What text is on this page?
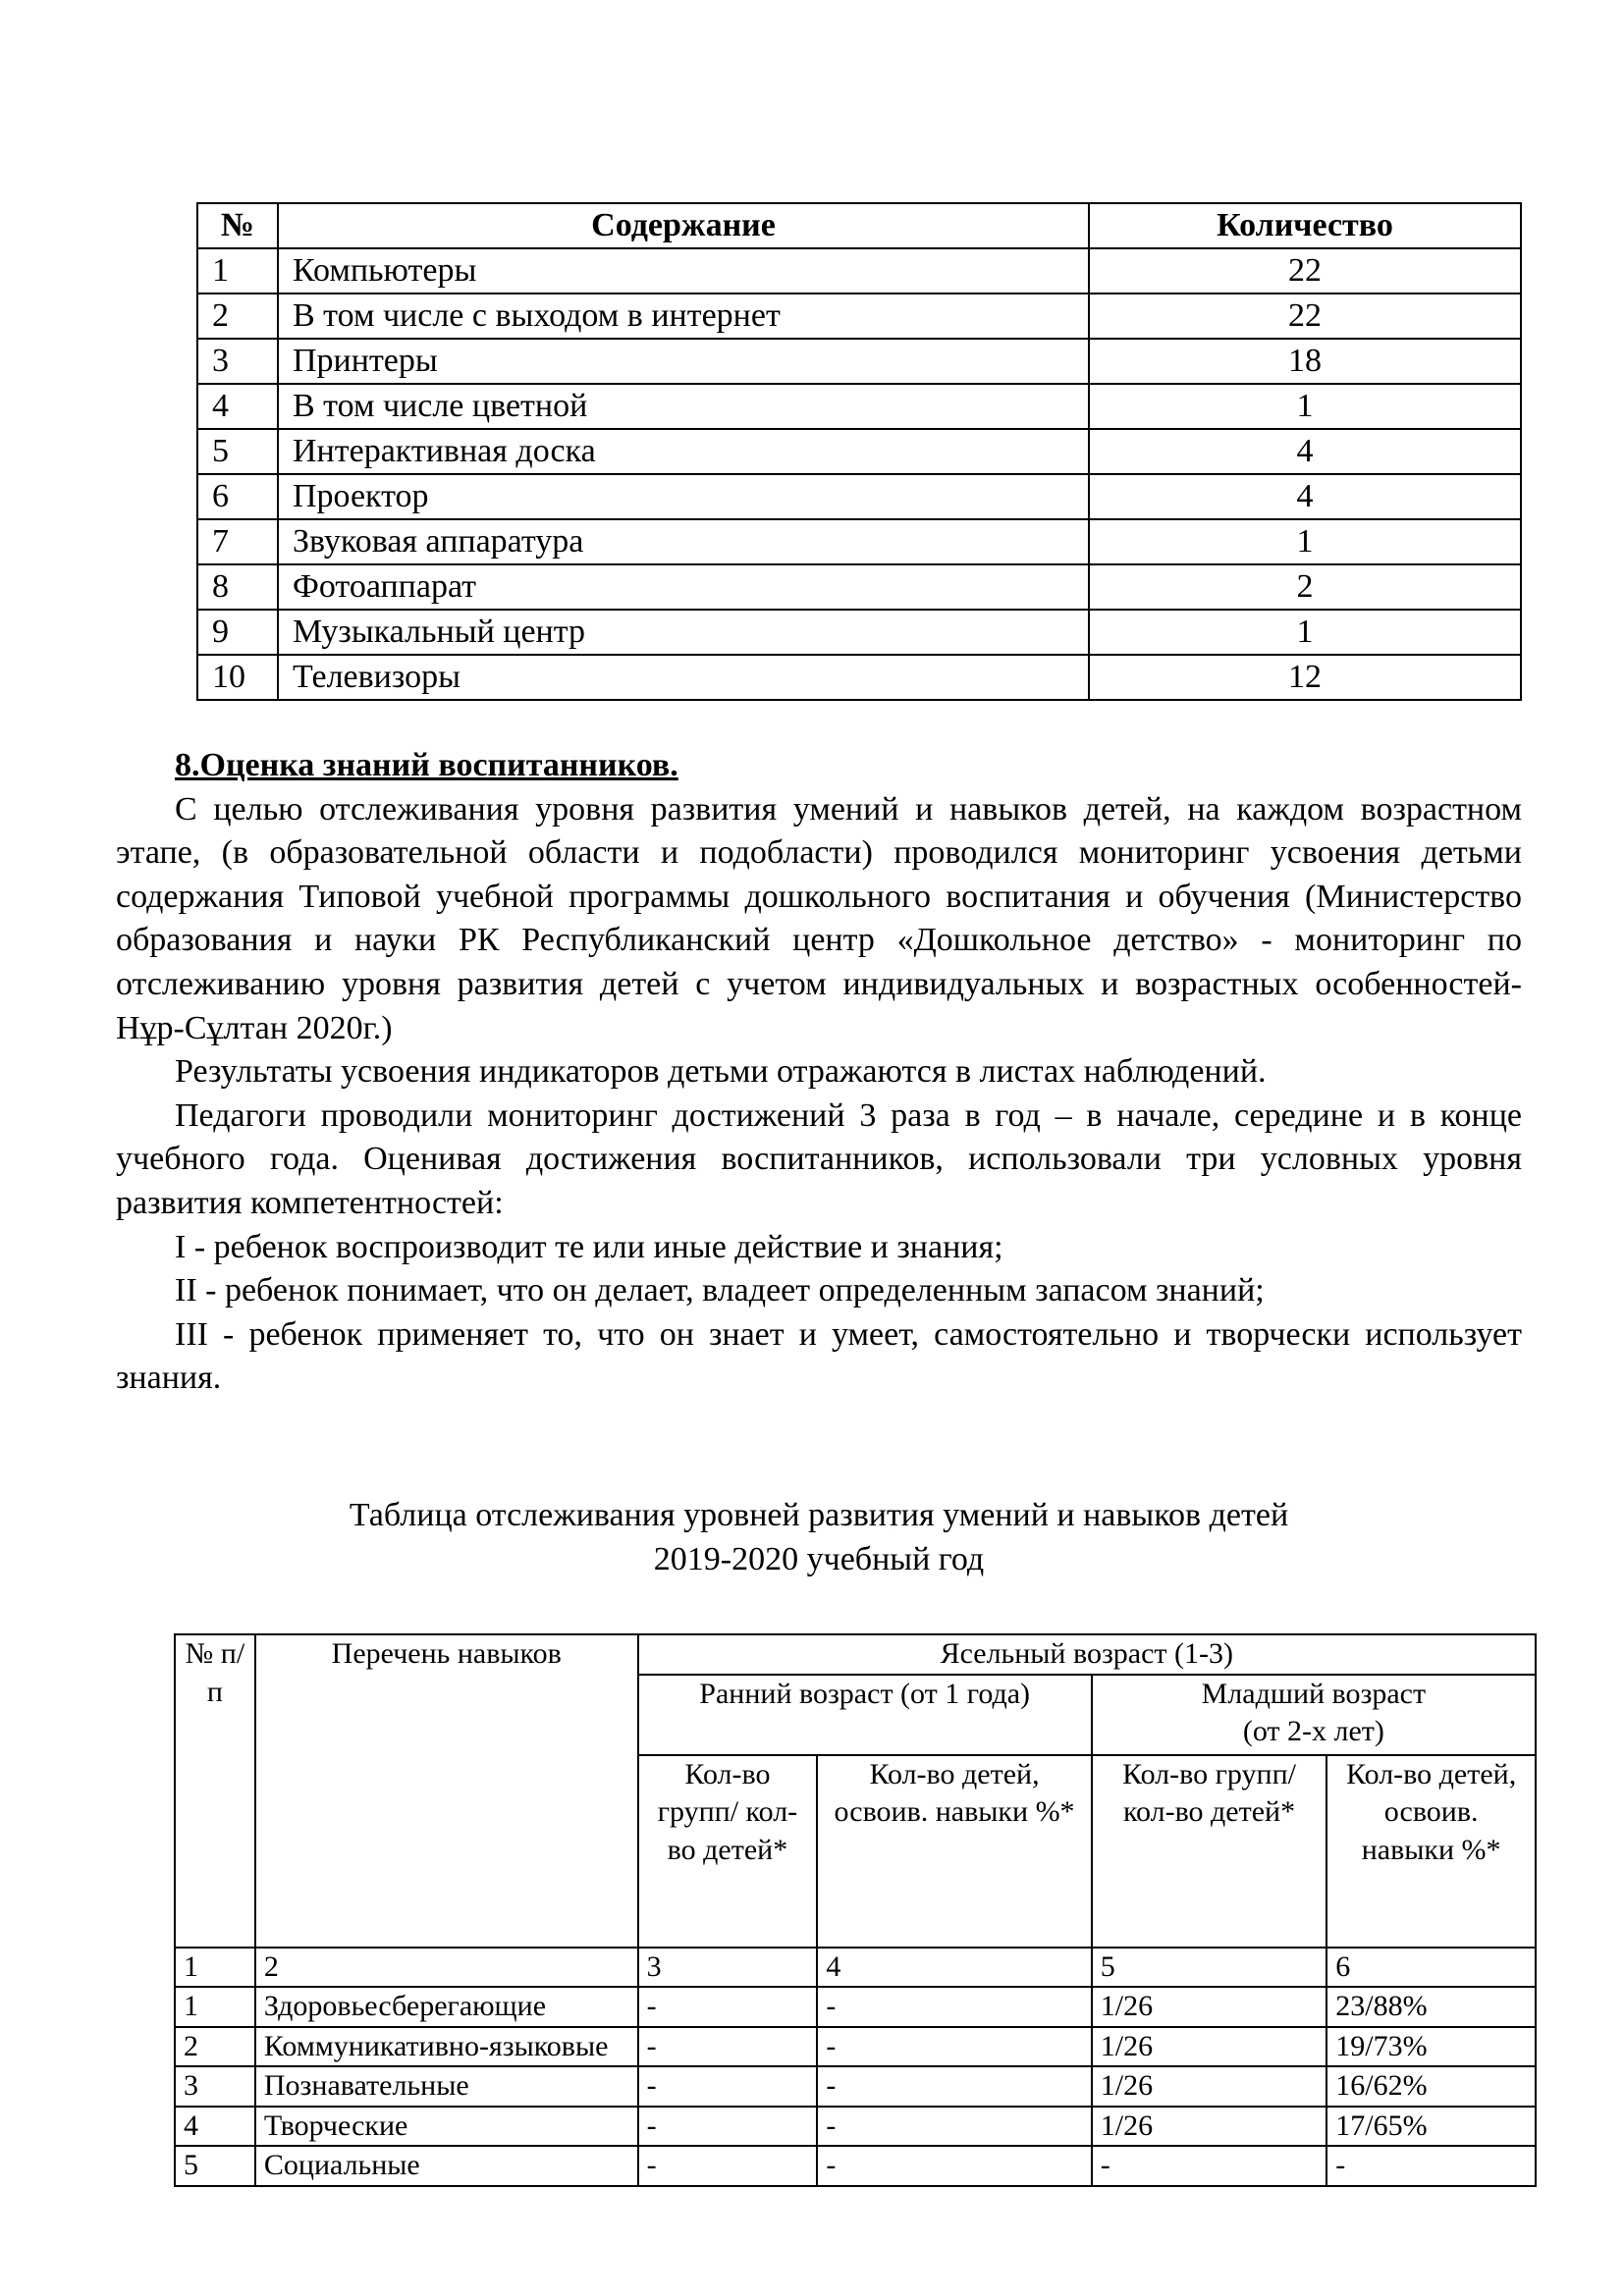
№	Содержание	Количество
1	Компьютеры	22
2	В том числе с выходом в интернет	22
3	Принтеры	18
4	В том числе цветной	1
5	Интерактивная доска	4
6	Проектор	4
7	Звуковая аппаратура	1
8	Фотоаппарат	2
9	Музыкальный центр	1
10	Телевизоры	12
8.Оценка знаний воспитанников.

С целью отслеживания уровня развития умений и навыков детей, на каждом возрастном этапе, (в образовательной области и подобласти) проводился мониторинг усвоения детьми содержания Типовой учебной программы дошкольного воспитания и обучения (Министерство образования и науки РК Республиканский центр «Дошкольное детство» - мониторинг по отслеживанию уровня развития детей с учетом индивидуальных и возрастных особенностей- Нұр-Сұлтан 2020г.)

Результаты усвоения индикаторов детьми отражаются в листах наблюдений.

Педагоги проводили мониторинг достижений 3 раза в год – в начале, середине и в конце учебного года. Оценивая достижения воспитанников, использовали три условных уровня развития компетентностей:

I - ребенок воспроизводит те или иные действие и знания;

II - ребенок понимает, что он делает, владеет определенным запасом знаний;

III - ребенок применяет то, что он знает и умеет, самостоятельно и творчески использует знания.

Таблица отслеживания уровней развития умений и навыков детей
2019-2020 учебный год
№ п/п	Перечень навыков	Ясельный возраст (1-3)			
		Ранний возраст (от 1 года)		Младший возраст
(от 2-х лет)	

		Кол-во групп/ кол-во детей*	Кол-во детей, освоив. навыки %*	Кол-во групп/ кол-во детей*	Кол-во детей, освоив. навыки %*
1	2	3	4	5	6
1	Здоровьесберегающие	-	-	1/26	23/88%
2	Коммуникативно-языковые	-	-	1/26	19/73%
3	Познавательные	-	-	1/26	16/62%
4	Творческие	-	-	1/26	17/65%
5	Социальные	-	-	-	-
